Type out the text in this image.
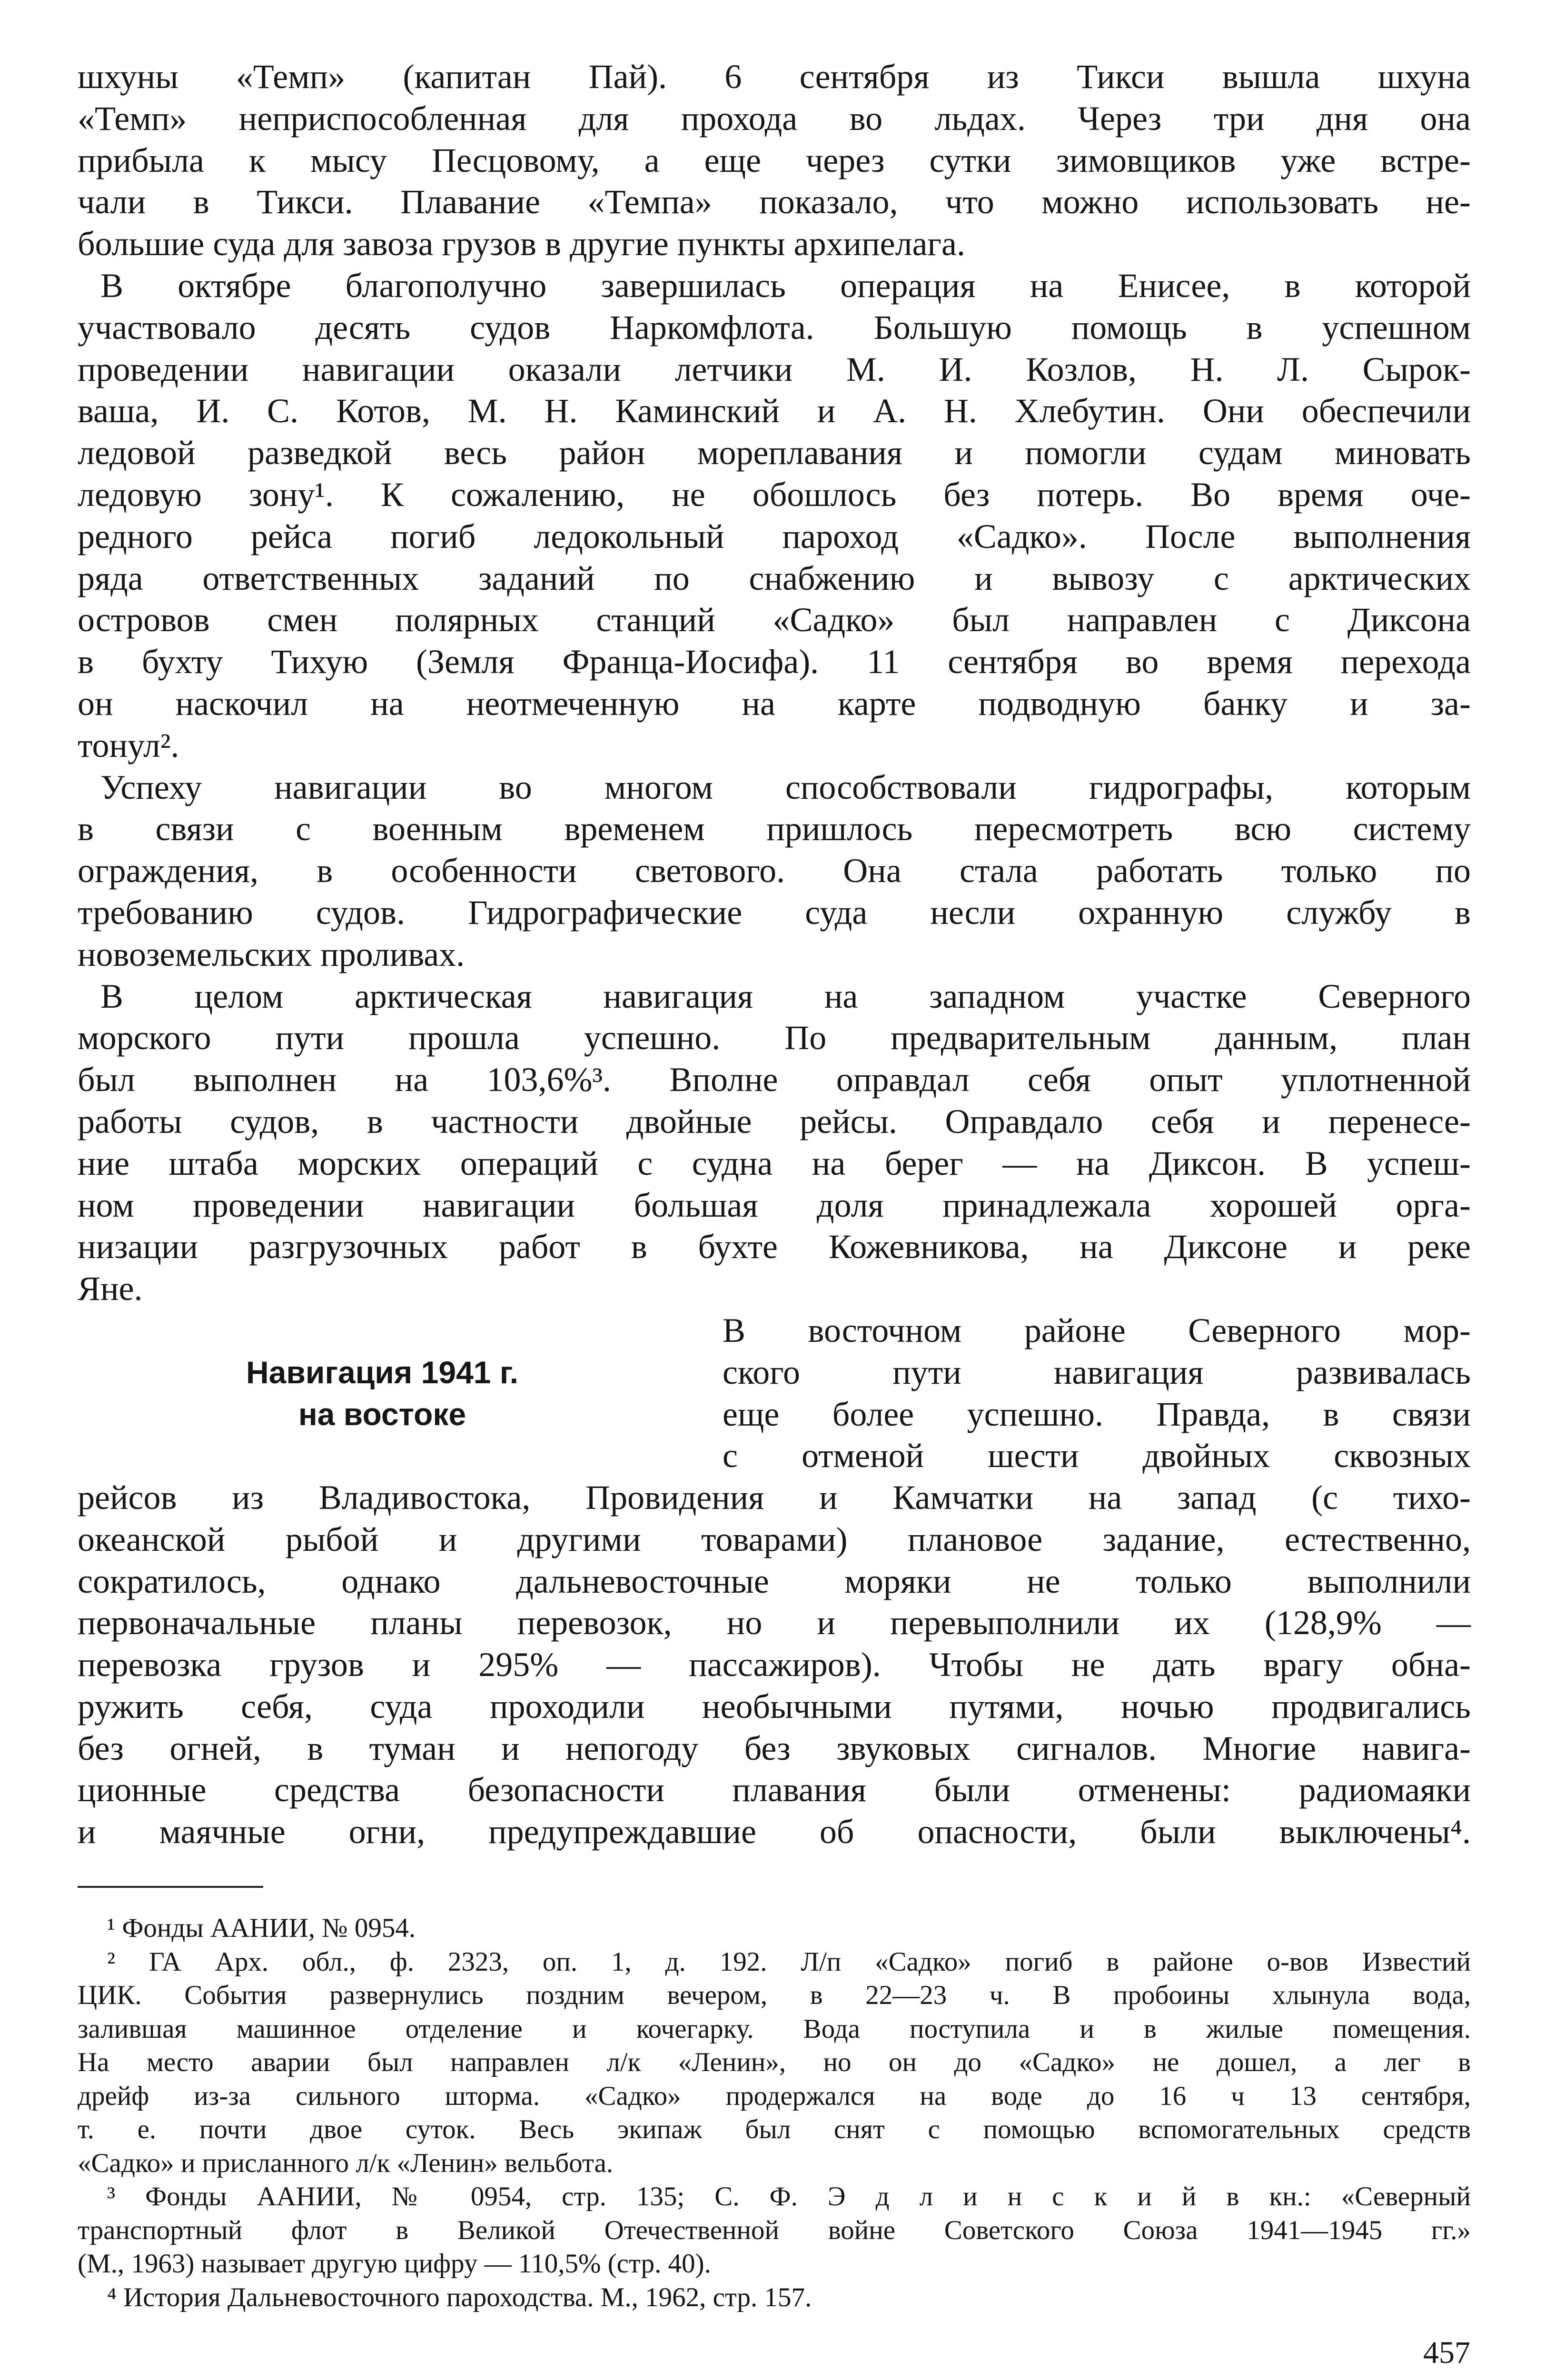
шхуны «Темп» (капитан Пай). 6 сентября из Тикси вышла шхуна
«Темп» неприспособленная для прохода во льдах. Через три дня она
прибыла к мысу Песцовому, а еще через сутки зимовщиков уже встре-
чали в Тикси. Плавание «Темпа» показало, что можно использовать не-
большие суда для завоза грузов в другие пункты архипелага.
В октябре благополучно завершилась операция на Енисее, в которой
участвовало десять судов Наркомфлота. Большую помощь в успешном
проведении навигации оказали летчики М. И. Козлов, Н. Л. Сырок-
ваша, И. С. Котов, М. Н. Каминский и А. Н. Хлебутин. Они обеспечили
ледовой разведкой весь район мореплавания и помогли судам миновать
ледовую зону¹. К сожалению, не обошлось без потерь. Во время оче-
редного рейса погиб ледокольный пароход «Садко». После выполнения
ряда ответственных заданий по снабжению и вывозу с арктических
островов смен полярных станций «Садко» был направлен с Диксона
в бухту Тихую (Земля Франца-Иосифа). 11 сентября во время перехода
он наскочил на неотмеченную на карте подводную банку и за-
тонул².
Успеху навигации во многом способствовали гидрографы, которым
в связи с военным временем пришлось пересмотреть всю систему
ограждения, в особенности светового. Она стала работать только по
требованию судов. Гидрографические суда несли охранную службу в
новоземельских проливах.
В целом арктическая навигация на западном участке Северного
морского пути прошла успешно. По предварительным данным, план
был выполнен на 103,6%³. Вполне оправдал себя опыт уплотненной
работы судов, в частности двойные рейсы. Оправдало себя и перенесе-
ние штаба морских операций с судна на берег — на Диксон. В успеш-
ном проведении навигации большая доля принадлежала хорошей орга-
низации разгрузочных работ в бухте Кожевникова, на Диксоне и реке
Яне.
Навигация 1941 г.
на востоке
В восточном районе Северного мор-
ского пути навигация развивалась
еще более успешно. Правда, в связи
с отменой шести двойных сквозных
рейсов из Владивостока, Провидения и Камчатки на запад (с тихо-
океанской рыбой и другими товарами) плановое задание, естественно,
сократилось, однако дальневосточные моряки не только выполнили
первоначальные планы перевозок, но и перевыполнили их (128,9% —
перевозка грузов и 295% — пассажиров). Чтобы не дать врагу обна-
ружить себя, суда проходили необычными путями, ночью продвигались
без огней, в туман и непогоду без звуковых сигналов. Многие навига-
ционные средства безопасности плавания были отменены: радиомаяки
и маячные огни, предупреждавшие об опасности, были выключены⁴.
¹ Фонды ААНИИ, № 0954.
² ГА Арх. обл., ф. 2323, оп. 1, д. 192. Л/п «Садко» погиб в районе о-вов Известий
ЦИК. События развернулись поздним вечером, в 22—23 ч. В пробоины хлынула вода,
залившая машинное отделение и кочегарку. Вода поступила и в жилые помещения.
На место аварии был направлен л/к «Ленин», но он до «Садко» не дошел, а лег в
дрейф из-за сильного шторма. «Садко» продержался на воде до 16 ч 13 сентября,
т. е. почти двое суток. Весь экипаж был снят с помощью вспомогательных средств
«Садко» и присланного л/к «Ленин» вельбота.
³ Фонды ААНИИ, № 0954, стр. 135; С. Ф. Э д л и н с к и й в кн.: «Северный
транспортный флот в Великой Отечественной войне Советского Союза 1941—1945 гг.»
(М., 1963) называет другую цифру — 110,5% (стр. 40).
⁴ История Дальневосточного пароходства. М., 1962, стр. 157.
457
